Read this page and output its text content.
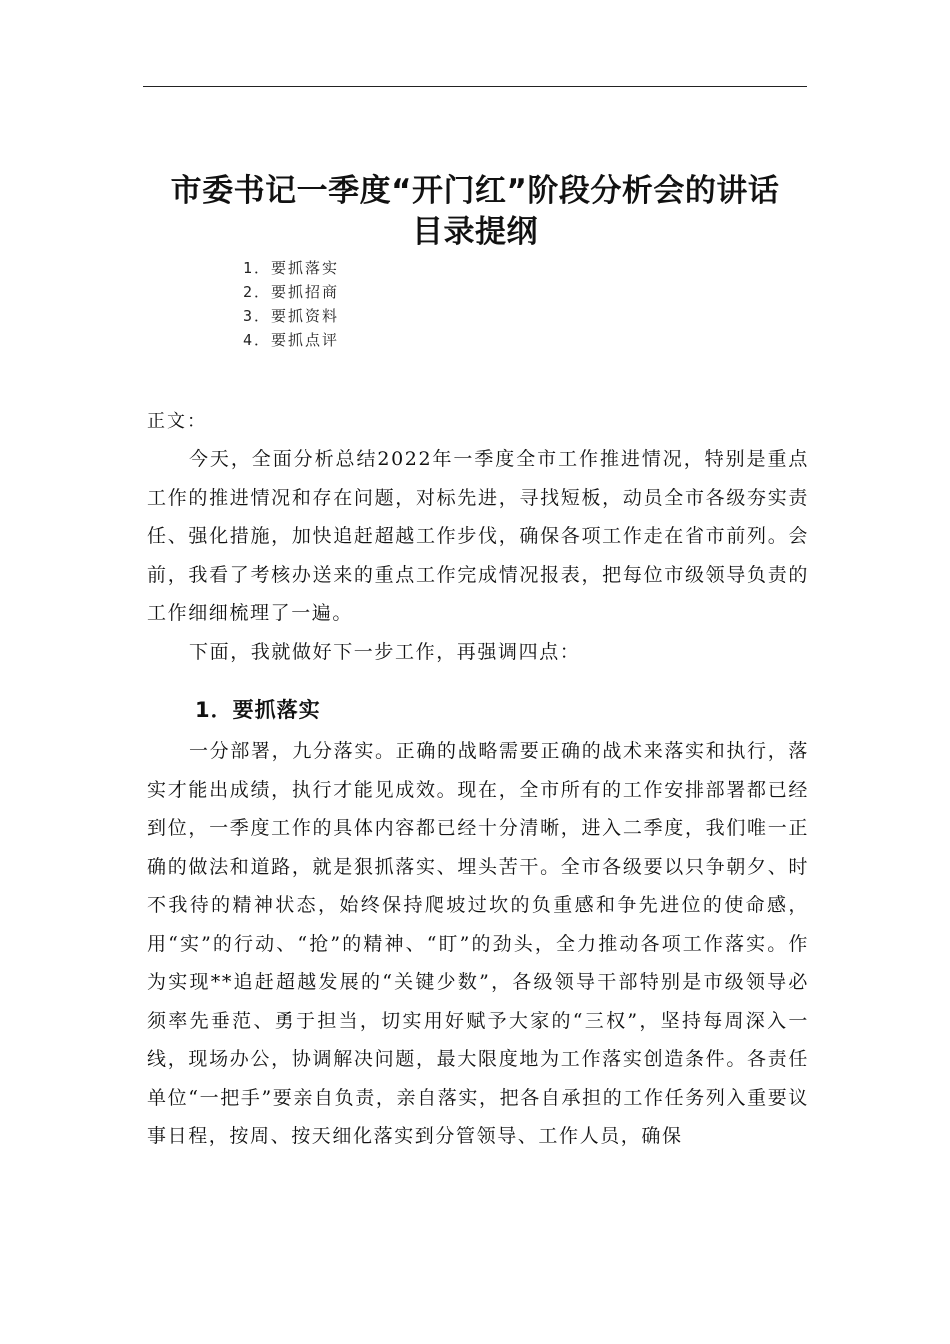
市委书记一季度“开门红”阶段分析会的讲话
目录提纲
1．要抓落实
2．要抓招商
3．要抓资料
4．要抓点评
正文：

今天，全面分析总结2022年一季度全市工作推进情况，特别是重点工作的推进情况和存在问题，对标先进，寻找短板，动员全市各级夯实责任、强化措施，加快追赶超越工作步伐，确保各项工作走在省市前列。会前，我看了考核办送来的重点工作完成情况报表，把每位市级领导负责的工作细细梳理了一遍。

下面，我就做好下一步工作，再强调四点：

1．要抓落实

一分部署，九分落实。正确的战略需要正确的战术来落实和执行，落实才能出成绩，执行才能见成效。现在，全市所有的工作安排部署都已经到位，一季度工作的具体内容都已经十分清晰，进入二季度，我们唯一正确的做法和道路，就是狠抓落实、埋头苦干。全市各级要以只争朝夕、时不我待的精神状态，始终保持爬坡过坎的负重感和争先进位的使命感，用“实”的行动、“抢”的精神、“盯”的劲头，全力推动各项工作落实。作为实现**追赶超越发展的“关键少数”，各级领导干部特别是市级领导必须率先垂范、勇于担当，切实用好赋予大家的“三权”，坚持每周深入一线，现场办公，协调解决问题，最大限度地为工作落实创造条件。各责任单位“一把手”要亲自负责，亲自落实，把各自承担的工作任务列入重要议事日程，按周、按天细化落实到分管领导、工作人员，确保
